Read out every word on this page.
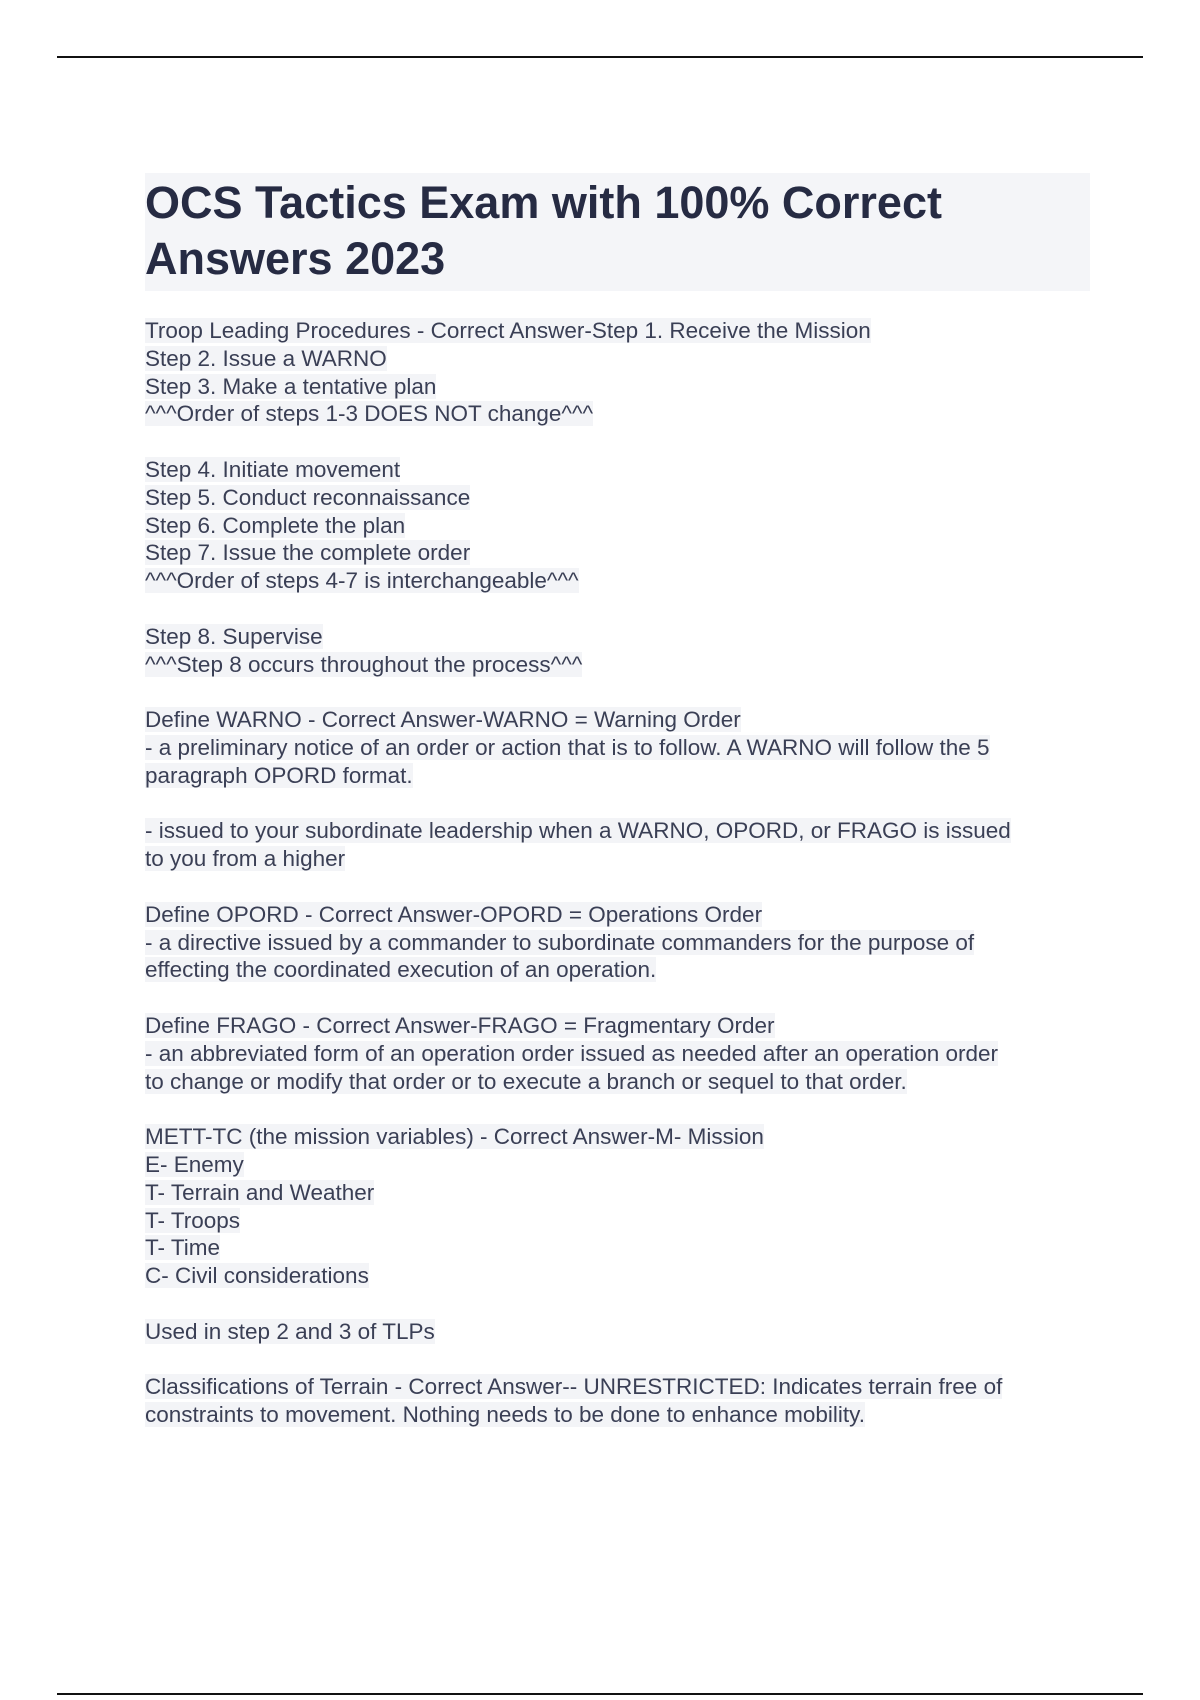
OCS Tactics Exam with 100% Correct Answers 2023
Troop Leading Procedures - Correct Answer-Step 1. Receive the Mission
Step 2. Issue a WARNO
Step 3. Make a tentative plan
^^^Order of steps 1-3 DOES NOT change^^^
Step 4. Initiate movement
Step 5. Conduct reconnaissance
Step 6. Complete the plan
Step 7. Issue the complete order
^^^Order of steps 4-7 is interchangeable^^^
Step 8. Supervise
^^^Step 8 occurs throughout the process^^^
Define WARNO - Correct Answer-WARNO = Warning Order
- a preliminary notice of an order or action that is to follow. A WARNO will follow the 5
paragraph OPORD format.
- issued to your subordinate leadership when a WARNO, OPORD, or FRAGO is issued
to you from a higher
Define OPORD - Correct Answer-OPORD = Operations Order
- a directive issued by a commander to subordinate commanders for the purpose of
effecting the coordinated execution of an operation.
Define FRAGO - Correct Answer-FRAGO = Fragmentary Order
- an abbreviated form of an operation order issued as needed after an operation order
to change or modify that order or to execute a branch or sequel to that order.
METT-TC (the mission variables) - Correct Answer-M- Mission
E- Enemy
T- Terrain and Weather
T- Troops
T- Time
C- Civil considerations
Used in step 2 and 3 of TLPs
Classifications of Terrain - Correct Answer-- UNRESTRICTED: Indicates terrain free of
constraints to movement. Nothing needs to be done to enhance mobility.
